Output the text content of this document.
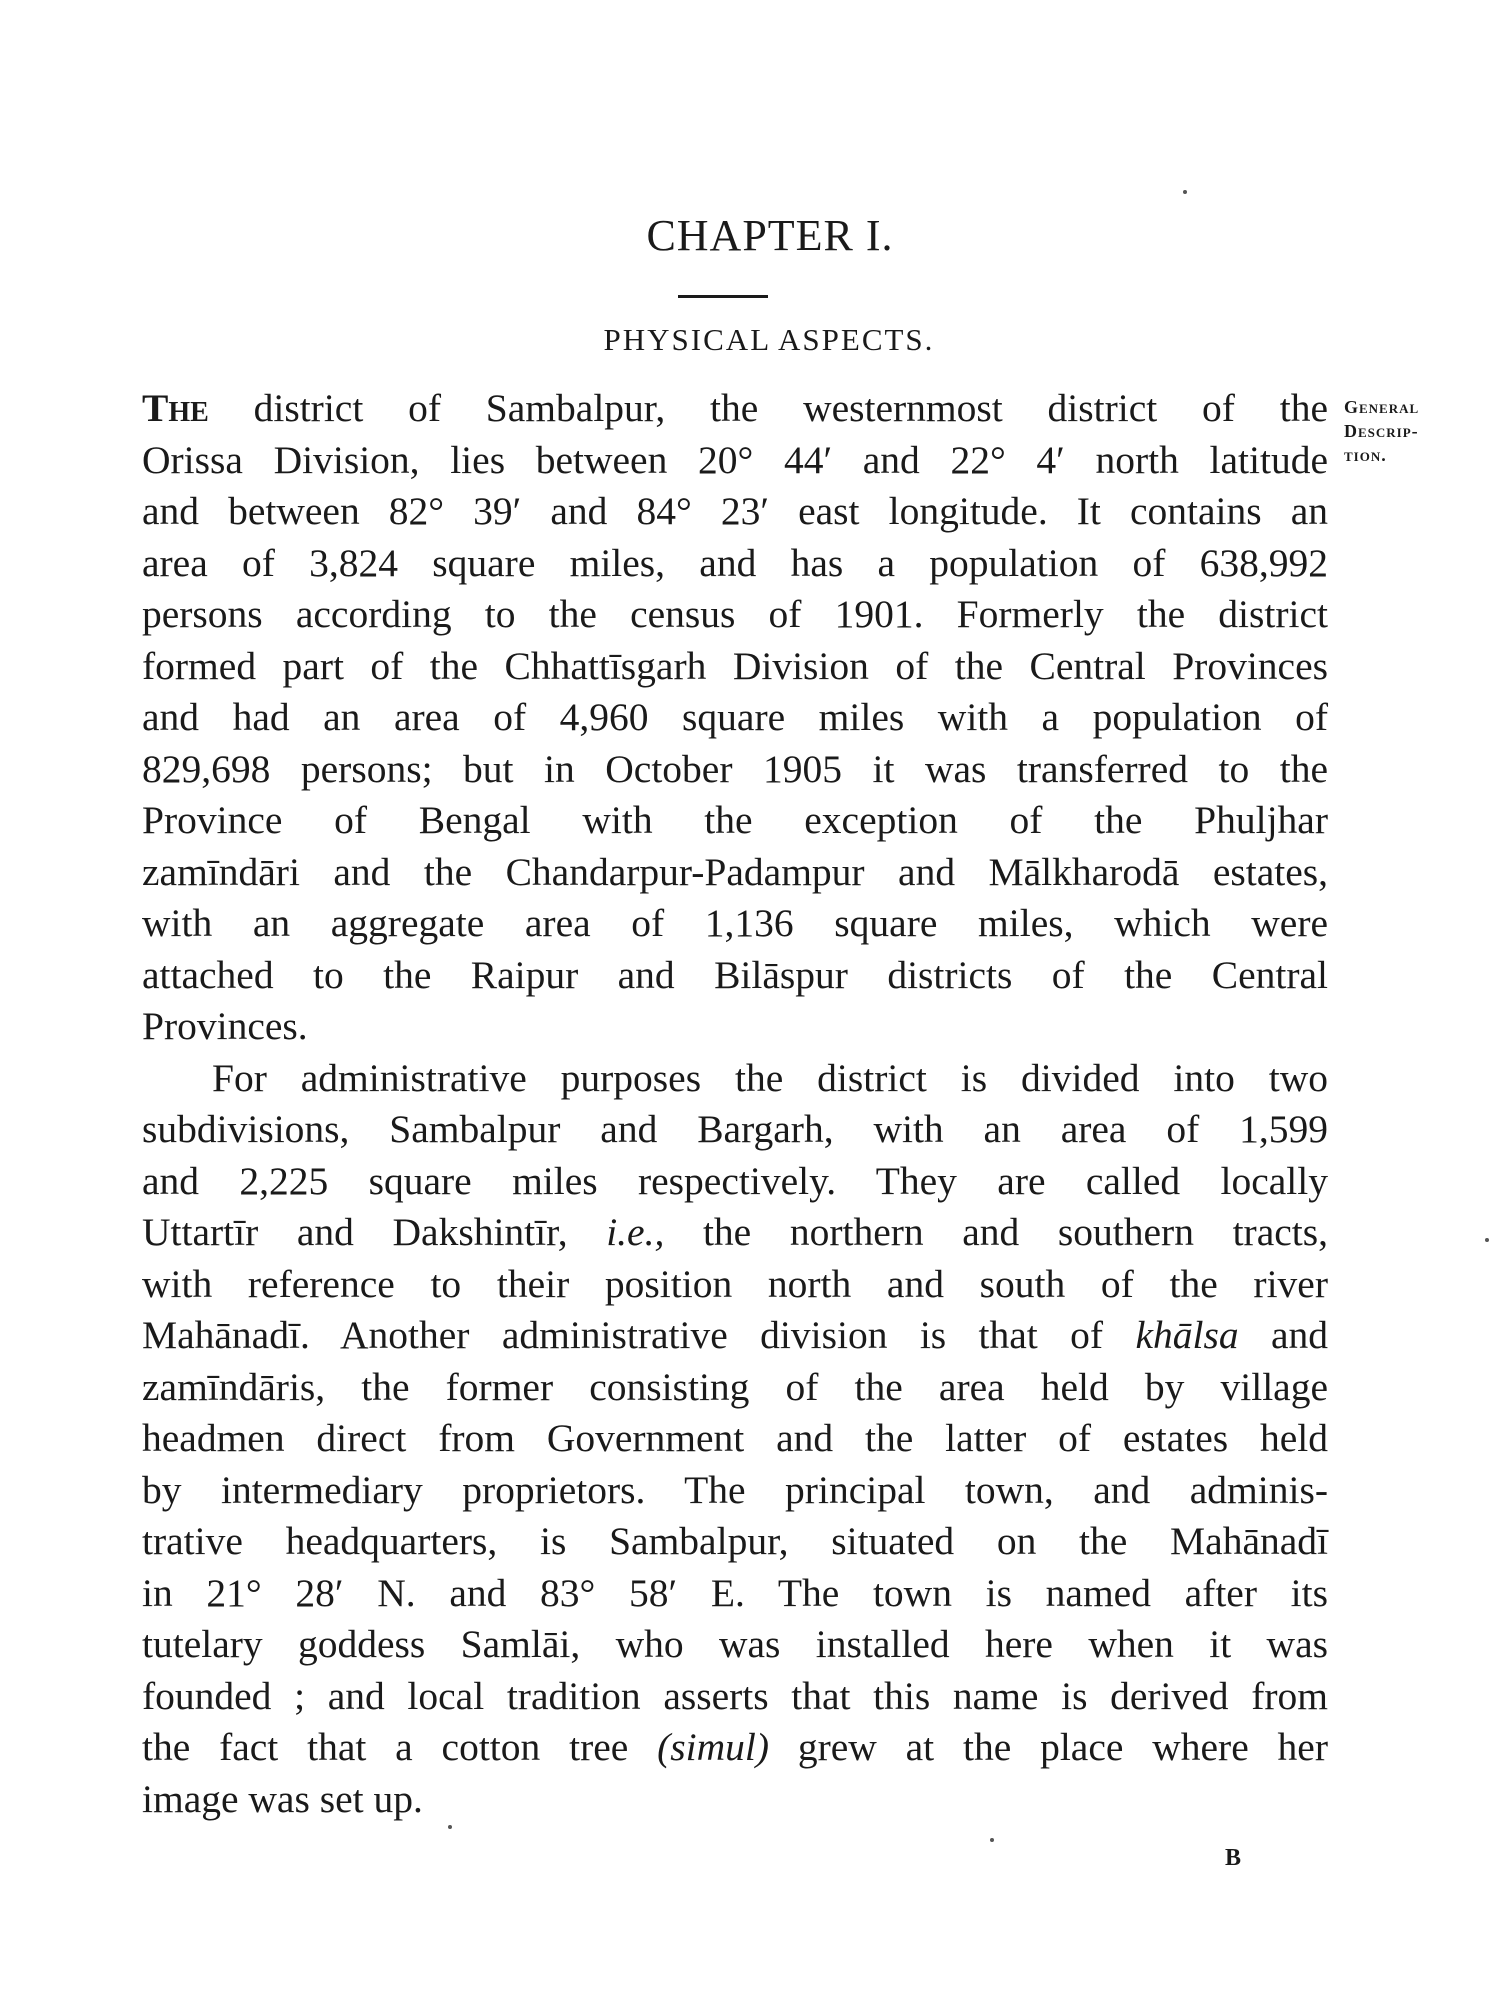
CHAPTER I.
PHYSICAL ASPECTS.
General
Descrip-
tion.
The district of Sambalpur, the westernmost district of the
Orissa Division, lies between 20° 44′ and 22° 4′ north latitude
and between 82° 39′ and 84° 23′ east longitude. It contains an
area of 3,824 square miles, and has a population of 638,992
persons according to the census of 1901. Formerly the district
formed part of the Chhattīsgarh Division of the Central Provinces
and had an area of 4,960 square miles with a population of
829,698 persons; but in October 1905 it was transferred to the
Province of Bengal with the exception of the Phuljhar
zamīndāri and the Chandarpur-Padampur and Mālkharodā estates,
with an aggregate area of 1,136 square miles, which were
attached to the Raipur and Bilāspur districts of the Central
Provinces.
For administrative purposes the district is divided into two
subdivisions, Sambalpur and Bargarh, with an area of 1,599
and 2,225 square miles respectively. They are called locally
Uttartīr and Dakshintīr, i.e., the northern and southern tracts,
with reference to their position north and south of the river
Mahānadī. Another administrative division is that of khālsa and
zamīndāris, the former consisting of the area held by village
headmen direct from Government and the latter of estates held
by intermediary proprietors. The principal town, and adminis-
trative headquarters, is Sambalpur, situated on the Mahānadī
in 21° 28′ N. and 83° 58′ E. The town is named after its
tutelary goddess Samlāi, who was installed here when it was
founded ; and local tradition asserts that this name is derived from
the fact that a cotton tree (simul) grew at the place where her
image was set up.
B
